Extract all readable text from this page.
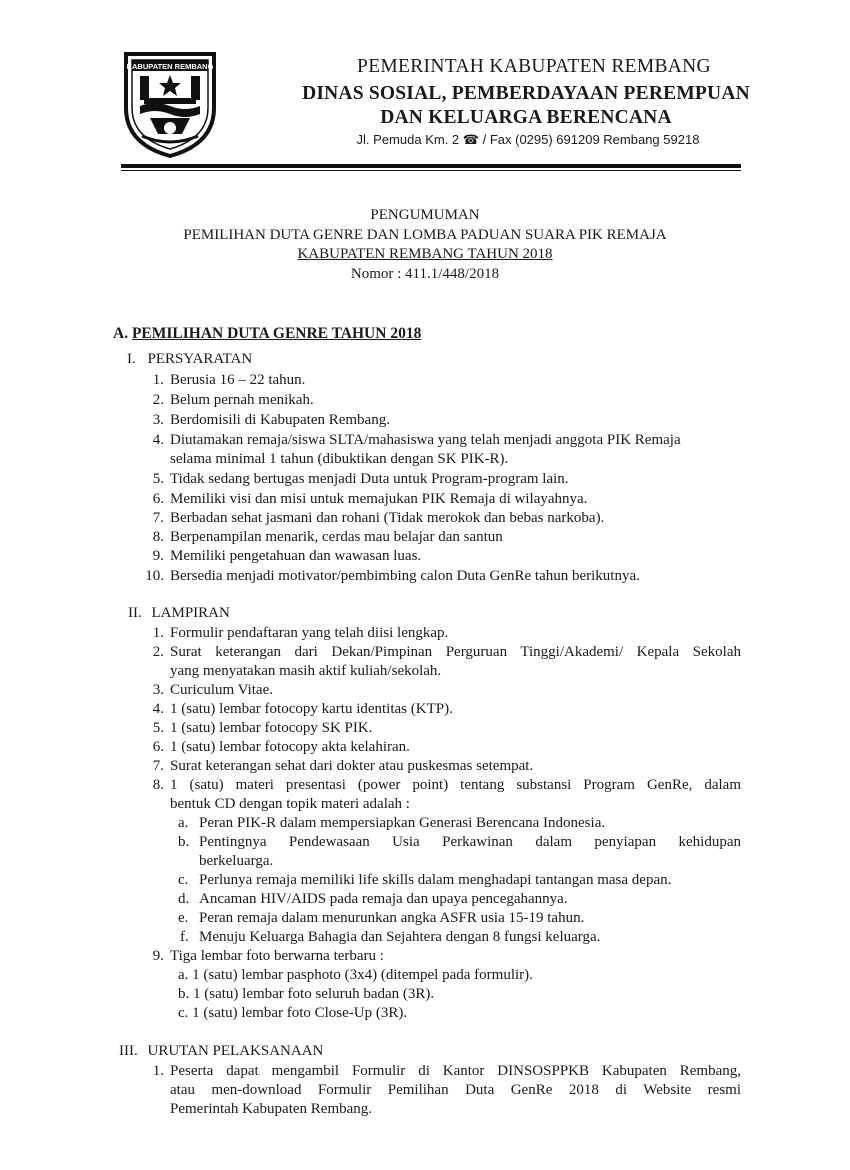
KABUPATEN REMBANG	PEMERINTAH KABUPATEN REMBANG
DINAS SOSIAL, PEMBERDAYAAN PEREMPUAN
DAN KELUARGA BERENCANA
Jl. Pemuda Km. 2 ☎ / Fax (0295) 691209 Rembang 59218
PENGUMUMAN
PEMILIHAN DUTA GENRE DAN LOMBA PADUAN SUARA PIK REMAJA
KABUPATEN REMBANG TAHUN 2018
Nomor : 411.1/448/2018
A. PEMILIHAN DUTA GENRE TAHUN 2018
I. PERSYARATAN
1. Berusia 16 – 22 tahun.
2. Belum pernah menikah.
3. Berdomisili di Kabupaten Rembang.
4. Diutamakan remaja/siswa SLTA/mahasiswa yang telah menjadi anggota PIK Remaja
selama minimal 1 tahun (dibuktikan dengan SK PIK-R).
5. Tidak sedang bertugas menjadi Duta untuk Program-program lain.
6. Memiliki visi dan misi untuk memajukan PIK Remaja di wilayahnya.
7. Berbadan sehat jasmani dan rohani (Tidak merokok dan bebas narkoba).
8. Berpenampilan menarik, cerdas mau belajar dan santun
9. Memiliki pengetahuan dan wawasan luas.
10. Bersedia menjadi motivator/pembimbing calon Duta GenRe tahun berikutnya.
II. LAMPIRAN
1. Formulir pendaftaran yang telah diisi lengkap.
2. Surat keterangan dari Dekan/Pimpinan Perguruan Tinggi/Akademi/ Kepala Sekolah
yang menyatakan masih aktif kuliah/sekolah.
3. Curiculum Vitae.
4. 1 (satu) lembar fotocopy kartu identitas (KTP).
5. 1 (satu) lembar fotocopy SK PIK.
6. 1 (satu) lembar fotocopy akta kelahiran.
7. Surat keterangan sehat dari dokter atau puskesmas setempat.
8. 1 (satu) materi presentasi (power point) tentang substansi Program GenRe, dalam
bentuk CD dengan topik materi adalah :
a. Peran PIK-R dalam mempersiapkan Generasi Berencana Indonesia.
b. Pentingnya Pendewasaan Usia Perkawinan dalam penyiapan kehidupan
berkeluarga.
c. Perlunya remaja memiliki life skills dalam menghadapi tantangan masa depan.
d. Ancaman HIV/AIDS pada remaja dan upaya pencegahannya.
e. Peran remaja dalam menurunkan angka ASFR usia 15-19 tahun.
f. Menuju Keluarga Bahagia dan Sejahtera dengan 8 fungsi keluarga.
9. Tiga lembar foto berwarna terbaru :
a. 1 (satu) lembar pasphoto (3x4) (ditempel pada formulir).
b. 1 (satu) lembar foto seluruh badan (3R).
c. 1 (satu) lembar foto Close-Up (3R).
III. URUTAN PELAKSANAAN
1. Peserta dapat mengambil Formulir di Kantor DINSOSPPKB Kabupaten Rembang,
atau men-download Formulir Pemilihan Duta GenRe 2018 di Website resmi
Pemerintah Kabupaten Rembang.
